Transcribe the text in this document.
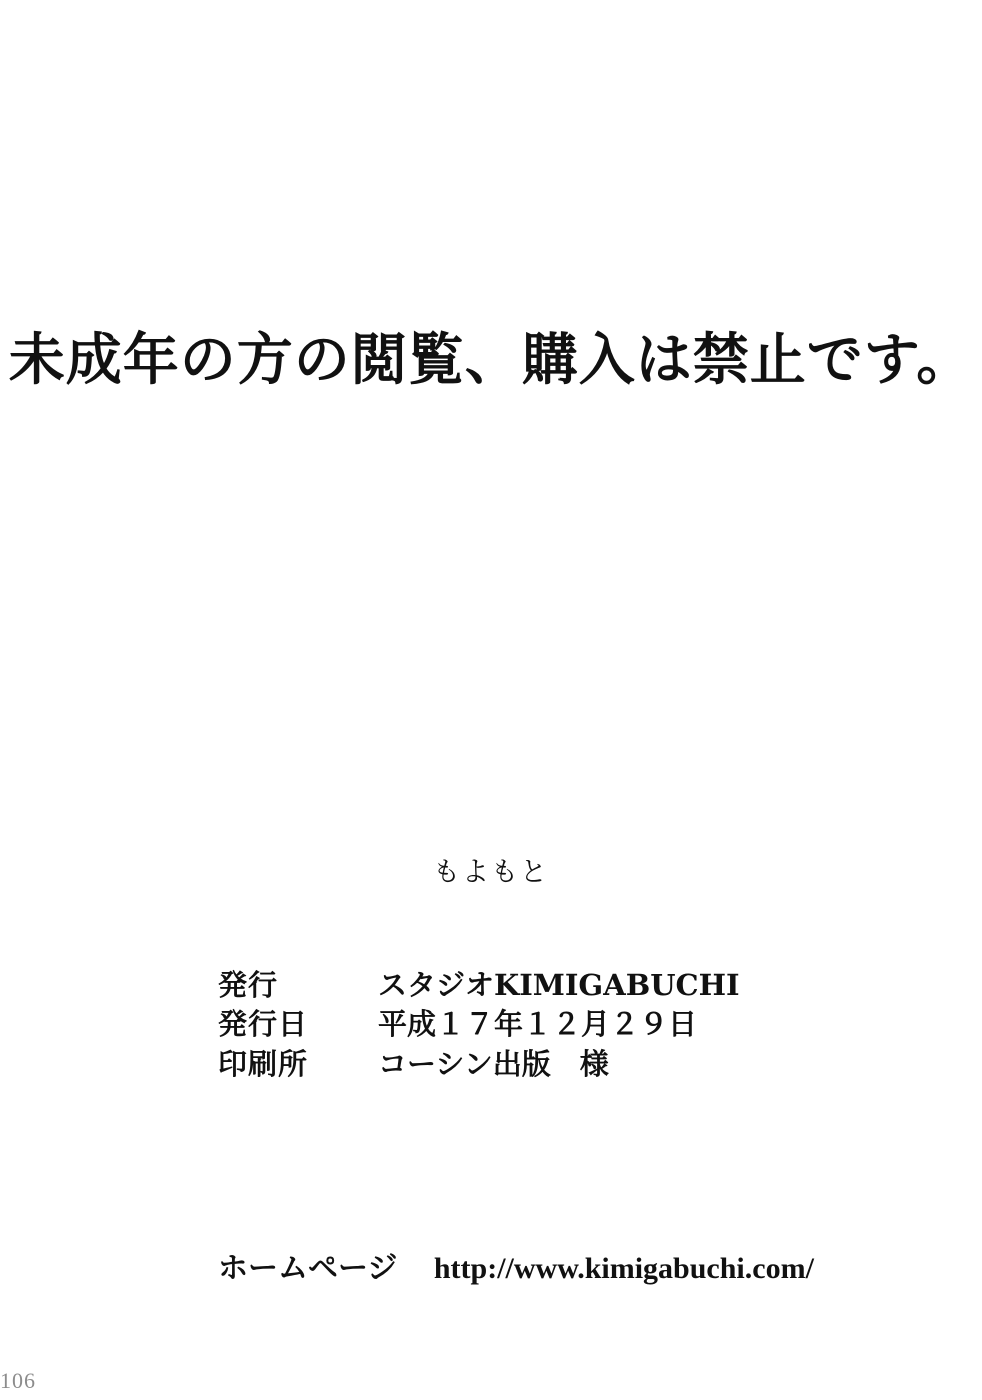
未成年の方の閲覧、購入は禁止です。
もよもと
発行	スタジオKIMIGABUCHI
発行日	平成１７年１２月２９日
印刷所	コーシン出版　様
ホームページ http://www.kimigabuchi.com/
106
